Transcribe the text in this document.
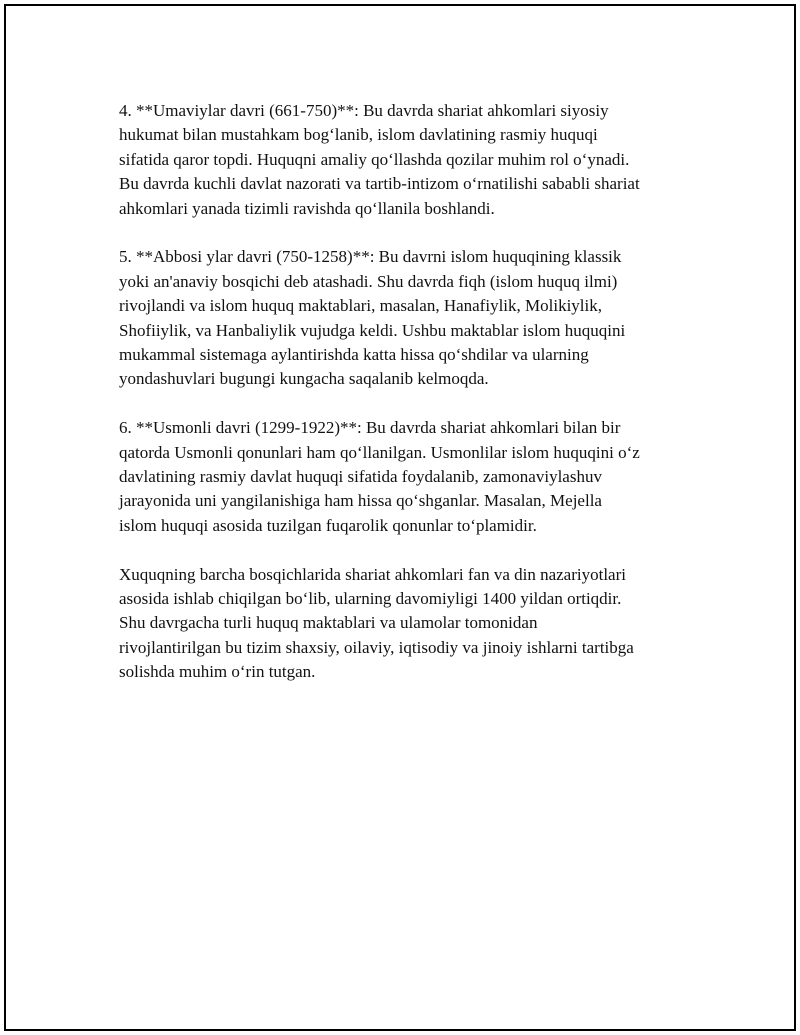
4. **Umaviylar davri (661-750)**: Bu davrda shariat ahkomlari siyosiy
hukumat bilan mustahkam bog‘lanib, islom davlatining rasmiy huquqi
sifatida qaror topdi. Huquqni amaliy qo‘llashda qozilar muhim rol o‘ynadi.
Bu davrda kuchli davlat nazorati va tartib-intizom o‘rnatilishi sababli shariat
ahkomlari yanada tizimli ravishda qo‘llanila boshlandi.

5. **Abbosi ylar davri (750-1258)**: Bu davrni islom huquqining klassik
yoki an'anaviy bosqichi deb atashadi. Shu davrda fiqh (islom huquq ilmi)
rivojlandi va islom huquq maktablari, masalan, Hanafiylik, Molikiylik,
Shofiiylik, va Hanbaliylik vujudga keldi. Ushbu maktablar islom huquqini
mukammal sistemaga aylantirishda katta hissa qo‘shdilar va ularning
yondashuvlari bugungi kungacha saqalanib kelmoqda.

6. **Usmonli davri (1299-1922)**: Bu davrda shariat ahkomlari bilan bir
qatorda Usmonli qonunlari ham qo‘llanilgan. Usmonlilar islom huquqini o‘z
davlatining rasmiy davlat huquqi sifatida foydalanib, zamonaviylashuv
jarayonida uni yangilanishiga ham hissa qo‘shganlar. Masalan, Mejella
islom huquqi asosida tuzilgan fuqarolik qonunlar to‘plamidir.

Xuquqning barcha bosqichlarida shariat ahkomlari fan va din nazariyotlari
asosida ishlab chiqilgan bo‘lib, ularning davomiyligi 1400 yildan ortiqdir.
Shu davrgacha turli huquq maktablari va ulamolar tomonidan
rivojlantirilgan bu tizim shaxsiy, oilaviy, iqtisodiy va jinoiy ishlarni tartibga
solishda muhim o‘rin tutgan.
